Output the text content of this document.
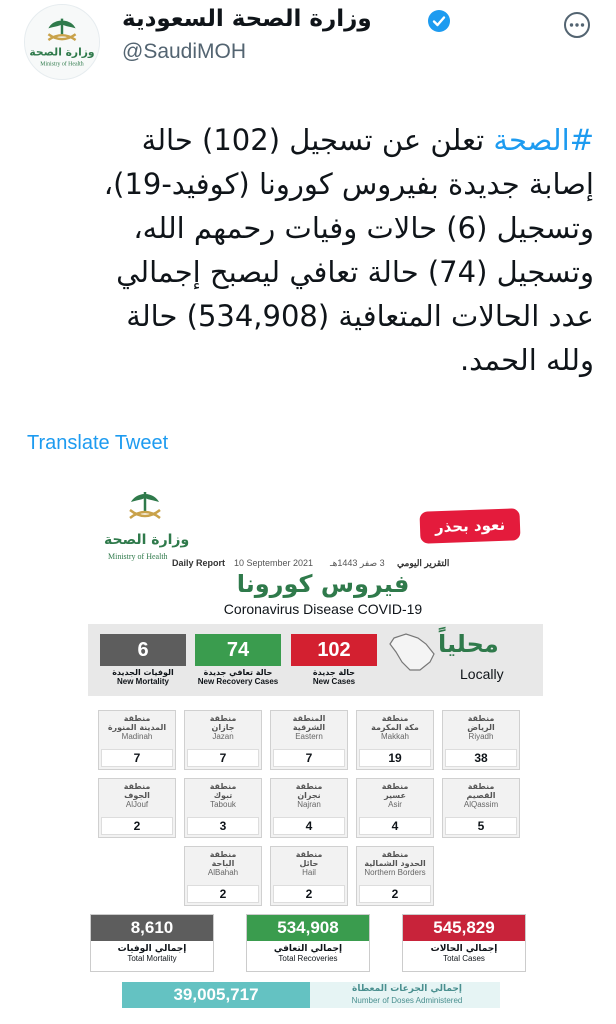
وزارة الصحة
Ministry of Health
وزارة الصحة السعودية
@SaudiMOH
#الصحة تعلن عن تسجيل (102) حالة
إصابة جديدة بفيروس كورونا (كوفيد-19)،
وتسجيل (6) حالات وفيات رحمهم الله،
وتسجيل (74) حالة تعافي ليصبح إجمالي
عدد الحالات المتعافية (534,908) حالة
ولله الحمد.
Translate Tweet
وزارة الصحة
Ministry of Health
نعود بحذر
Daily Report 10 September 2021 3 صفر 1443هـ التقرير اليومي
فيروس كورونا
Coronavirus Disease COVID-19
6
الوفيات الجديدة
New Mortality
74
حالة تعافي جديدة
New Recovery Cases
102
حالة جديدة
New Cases
محلياً
Locally
منطقة
الرياض
Riyadh
38
منطقة
مكة المكرمة
Makkah
19
المنطقة
الشرقية
Eastern
7
منطقة
جازان
Jazan
7
منطقة
المدينة المنورة
Madinah
7
منطقة
القصيم
AlQassim
5
منطقة
عسير
Asir
4
منطقة
نجران
Najran
4
منطقة
تبوك
Tabouk
3
منطقة
الجوف
AlJouf
2
منطقة
الحدود الشمالية
Northern Borders
2
منطقة
حائل
Hail
2
منطقة
الباحة
AlBahah
2
8,610
إجمالي الوفيات
Total Mortality
534,908
إجمالي التعافي
Total Recoveries
545,829
إجمالي الحالات
Total Cases
39,005,717	إجمالي الجرعات المعطاة
Number of Doses Administered
